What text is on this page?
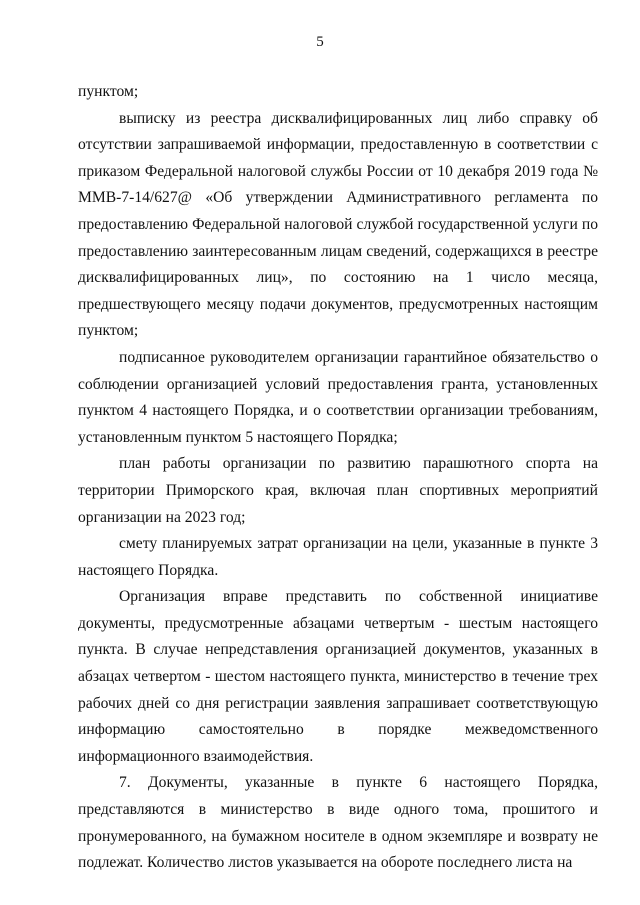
5

пунктом;

выписку из реестра дисквалифицированных лиц либо справку об отсутствии запрашиваемой информации, предоставленную в соответствии с приказом Федеральной налоговой службы России от 10 декабря 2019 года № ММВ-7-14/627@ «Об утверждении Административного регламента по предоставлению Федеральной налоговой службой государственной услуги по предоставлению заинтересованным лицам сведений, содержащихся в реестре дисквалифицированных лиц», по состоянию на 1 число месяца, предшествующего месяцу подачи документов, предусмотренных настоящим пунктом;

подписанное руководителем организации гарантийное обязательство о соблюдении организацией условий предоставления гранта, установленных пунктом 4 настоящего Порядка, и о соответствии организации требованиям, установленным пунктом 5 настоящего Порядка;

план работы организации по развитию парашютного спорта на территории Приморского края, включая план спортивных мероприятий организации на 2023 год;

смету планируемых затрат организации на цели, указанные в пункте 3 настоящего Порядка.

Организация вправе представить по собственной инициативе документы, предусмотренные абзацами четвертым - шестым настоящего пункта. В случае непредставления организацией документов, указанных в абзацах четвертом - шестом настоящего пункта, министерство в течение трех рабочих дней со дня регистрации заявления запрашивает соответствующую информацию самостоятельно в порядке межведомственного информационного взаимодействия.

7. Документы, указанные в пункте 6 настоящего Порядка, представляются в министерство в виде одного тома, прошитого и пронумерованного, на бумажном носителе в одном экземпляре и возврату не подлежат. Количество листов указывается на обороте последнего листа на
